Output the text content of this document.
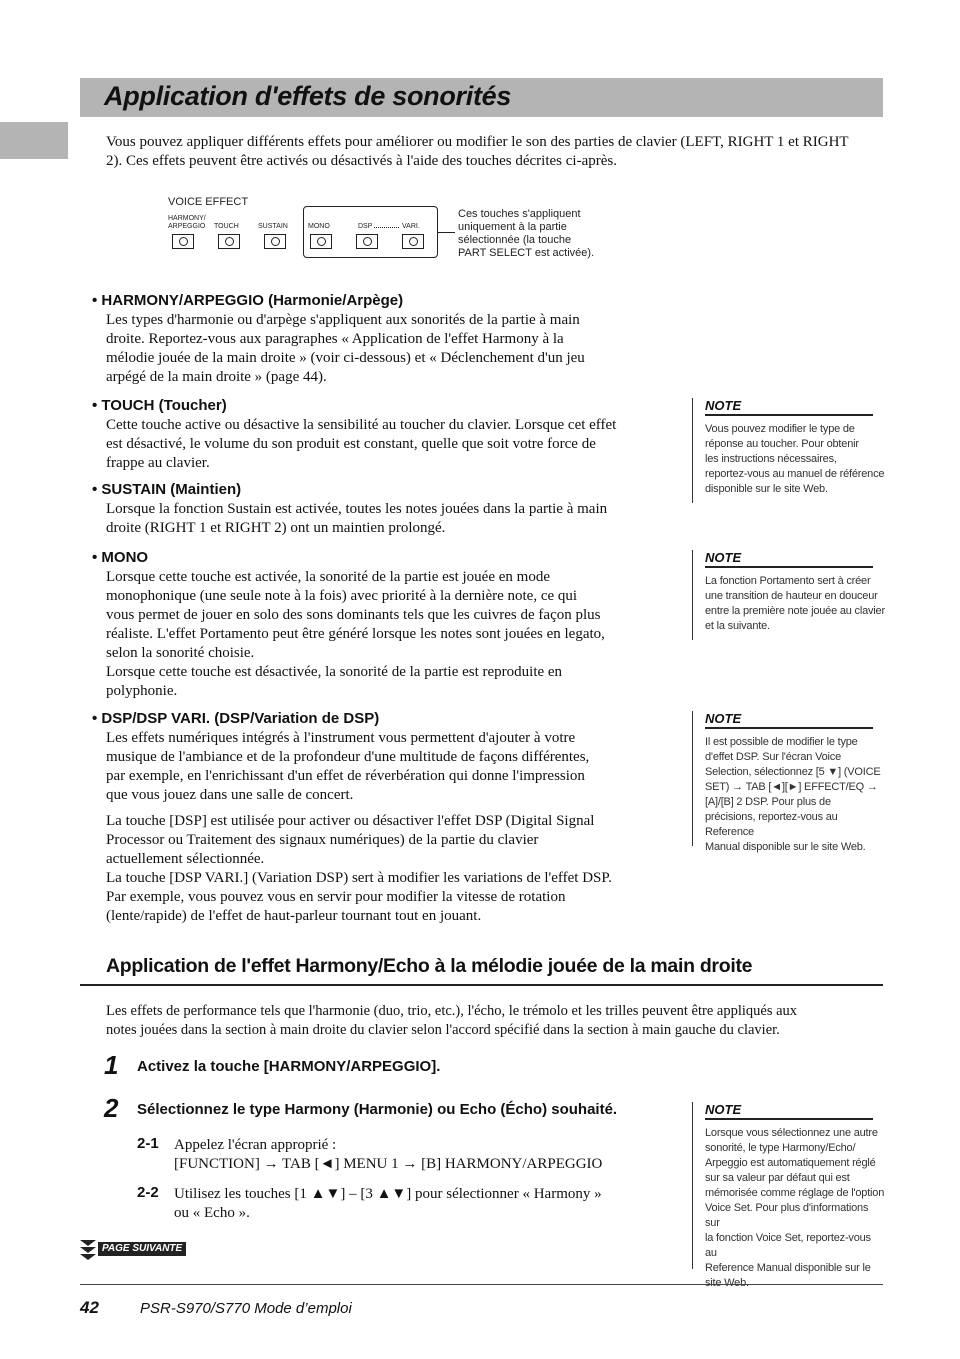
Application d'effets de sonorités
Vous pouvez appliquer différents effets pour améliorer ou modifier le son des parties de clavier (LEFT, RIGHT 1 et RIGHT 2). Ces effets peuvent être activés ou désactivés à l'aide des touches décrites ci-après.
VOICE EFFECT
HARMONY/
ARPEGGIO TOUCH	SUSTAIN	MONO	DSP	VARI.
Ces touches s'appliquent
uniquement à la partie
sélectionnée (la touche
PART SELECT est activée).
• HARMONY/ARPEGGIO (Harmonie/Arpège)
Les types d'harmonie ou d'arpège s'appliquent aux sonorités de la partie à main
droite. Reportez-vous aux paragraphes « Application de l'effet Harmony à la
mélodie jouée de la main droite » (voir ci-dessous) et « Déclenchement d'un jeu
arpégé de la main droite » (page 44).
• TOUCH (Toucher)
Cette touche active ou désactive la sensibilité au toucher du clavier. Lorsque cet effet
est désactivé, le volume du son produit est constant, quelle que soit votre force de
frappe au clavier.
• SUSTAIN (Maintien)
Lorsque la fonction Sustain est activée, toutes les notes jouées dans la partie à main
droite (RIGHT 1 et RIGHT 2) ont un maintien prolongé.
• MONO
Lorsque cette touche est activée, la sonorité de la partie est jouée en mode
monophonique (une seule note à la fois) avec priorité à la dernière note, ce qui
vous permet de jouer en solo des sons dominants tels que les cuivres de façon plus
réaliste. L'effet Portamento peut être généré lorsque les notes sont jouées en legato,
selon la sonorité choisie.
Lorsque cette touche est désactivée, la sonorité de la partie est reproduite en
polyphonie.
• DSP/DSP VARI. (DSP/Variation de DSP)
Les effets numériques intégrés à l'instrument vous permettent d'ajouter à votre
musique de l'ambiance et de la profondeur d'une multitude de façons différentes,
par exemple, en l'enrichissant d'un effet de réverbération qui donne l'impression
que vous jouez dans une salle de concert.
La touche [DSP] est utilisée pour activer ou désactiver l'effet DSP (Digital Signal
Processor ou Traitement des signaux numériques) de la partie du clavier
actuellement sélectionnée.
La touche [DSP VARI.] (Variation DSP) sert à modifier les variations de l'effet DSP.
Par exemple, vous pouvez vous en servir pour modifier la vitesse de rotation
(lente/rapide) de l'effet de haut-parleur tournant tout en jouant.
NOTE
Vous pouvez modifier le type de
réponse au toucher. Pour obtenir
les instructions nécessaires,
reportez-vous au manuel de référence
disponible sur le site Web.
NOTE
La fonction Portamento sert à créer
une transition de hauteur en douceur
entre la première note jouée au clavier
et la suivante.
NOTE
Il est possible de modifier le type
d'effet DSP. Sur l'écran Voice
Selection, sélectionnez [5 ▼] (VOICE
SET) → TAB [◄][►] EFFECT/EQ →
[A]/[B] 2 DSP. Pour plus de
précisions, reportez-vous au Reference
Manual disponible sur le site Web.
Application de l'effet Harmony/Echo à la mélodie jouée de la main droite
Les effets de performance tels que l'harmonie (duo, trio, etc.), l'écho, le trémolo et les trilles peuvent être appliqués aux
notes jouées dans la section à main droite du clavier selon l'accord spécifié dans la section à main gauche du clavier.
1 Activez la touche [HARMONY/ARPEGGIO].
2 Sélectionnez le type Harmony (Harmonie) ou Echo (Écho) souhaité.
2-1 Appelez l'écran approprié :
[FUNCTION] → TAB [◄] MENU 1 → [B] HARMONY/ARPEGGIO
2-2 Utilisez les touches [1 ▲▼] – [3 ▲▼] pour sélectionner « Harmony »
ou « Echo ».
NOTE
Lorsque vous sélectionnez une autre
sonorité, le type Harmony/Echo/
Arpeggio est automatiquement réglé
sur sa valeur par défaut qui est
mémorisée comme réglage de l'option
Voice Set. Pour plus d'informations sur
la fonction Voice Set, reportez-vous au
Reference Manual disponible sur le
site Web.
PAGE SUIVANTE
42	PSR-S970/S770 Mode d’emploi
